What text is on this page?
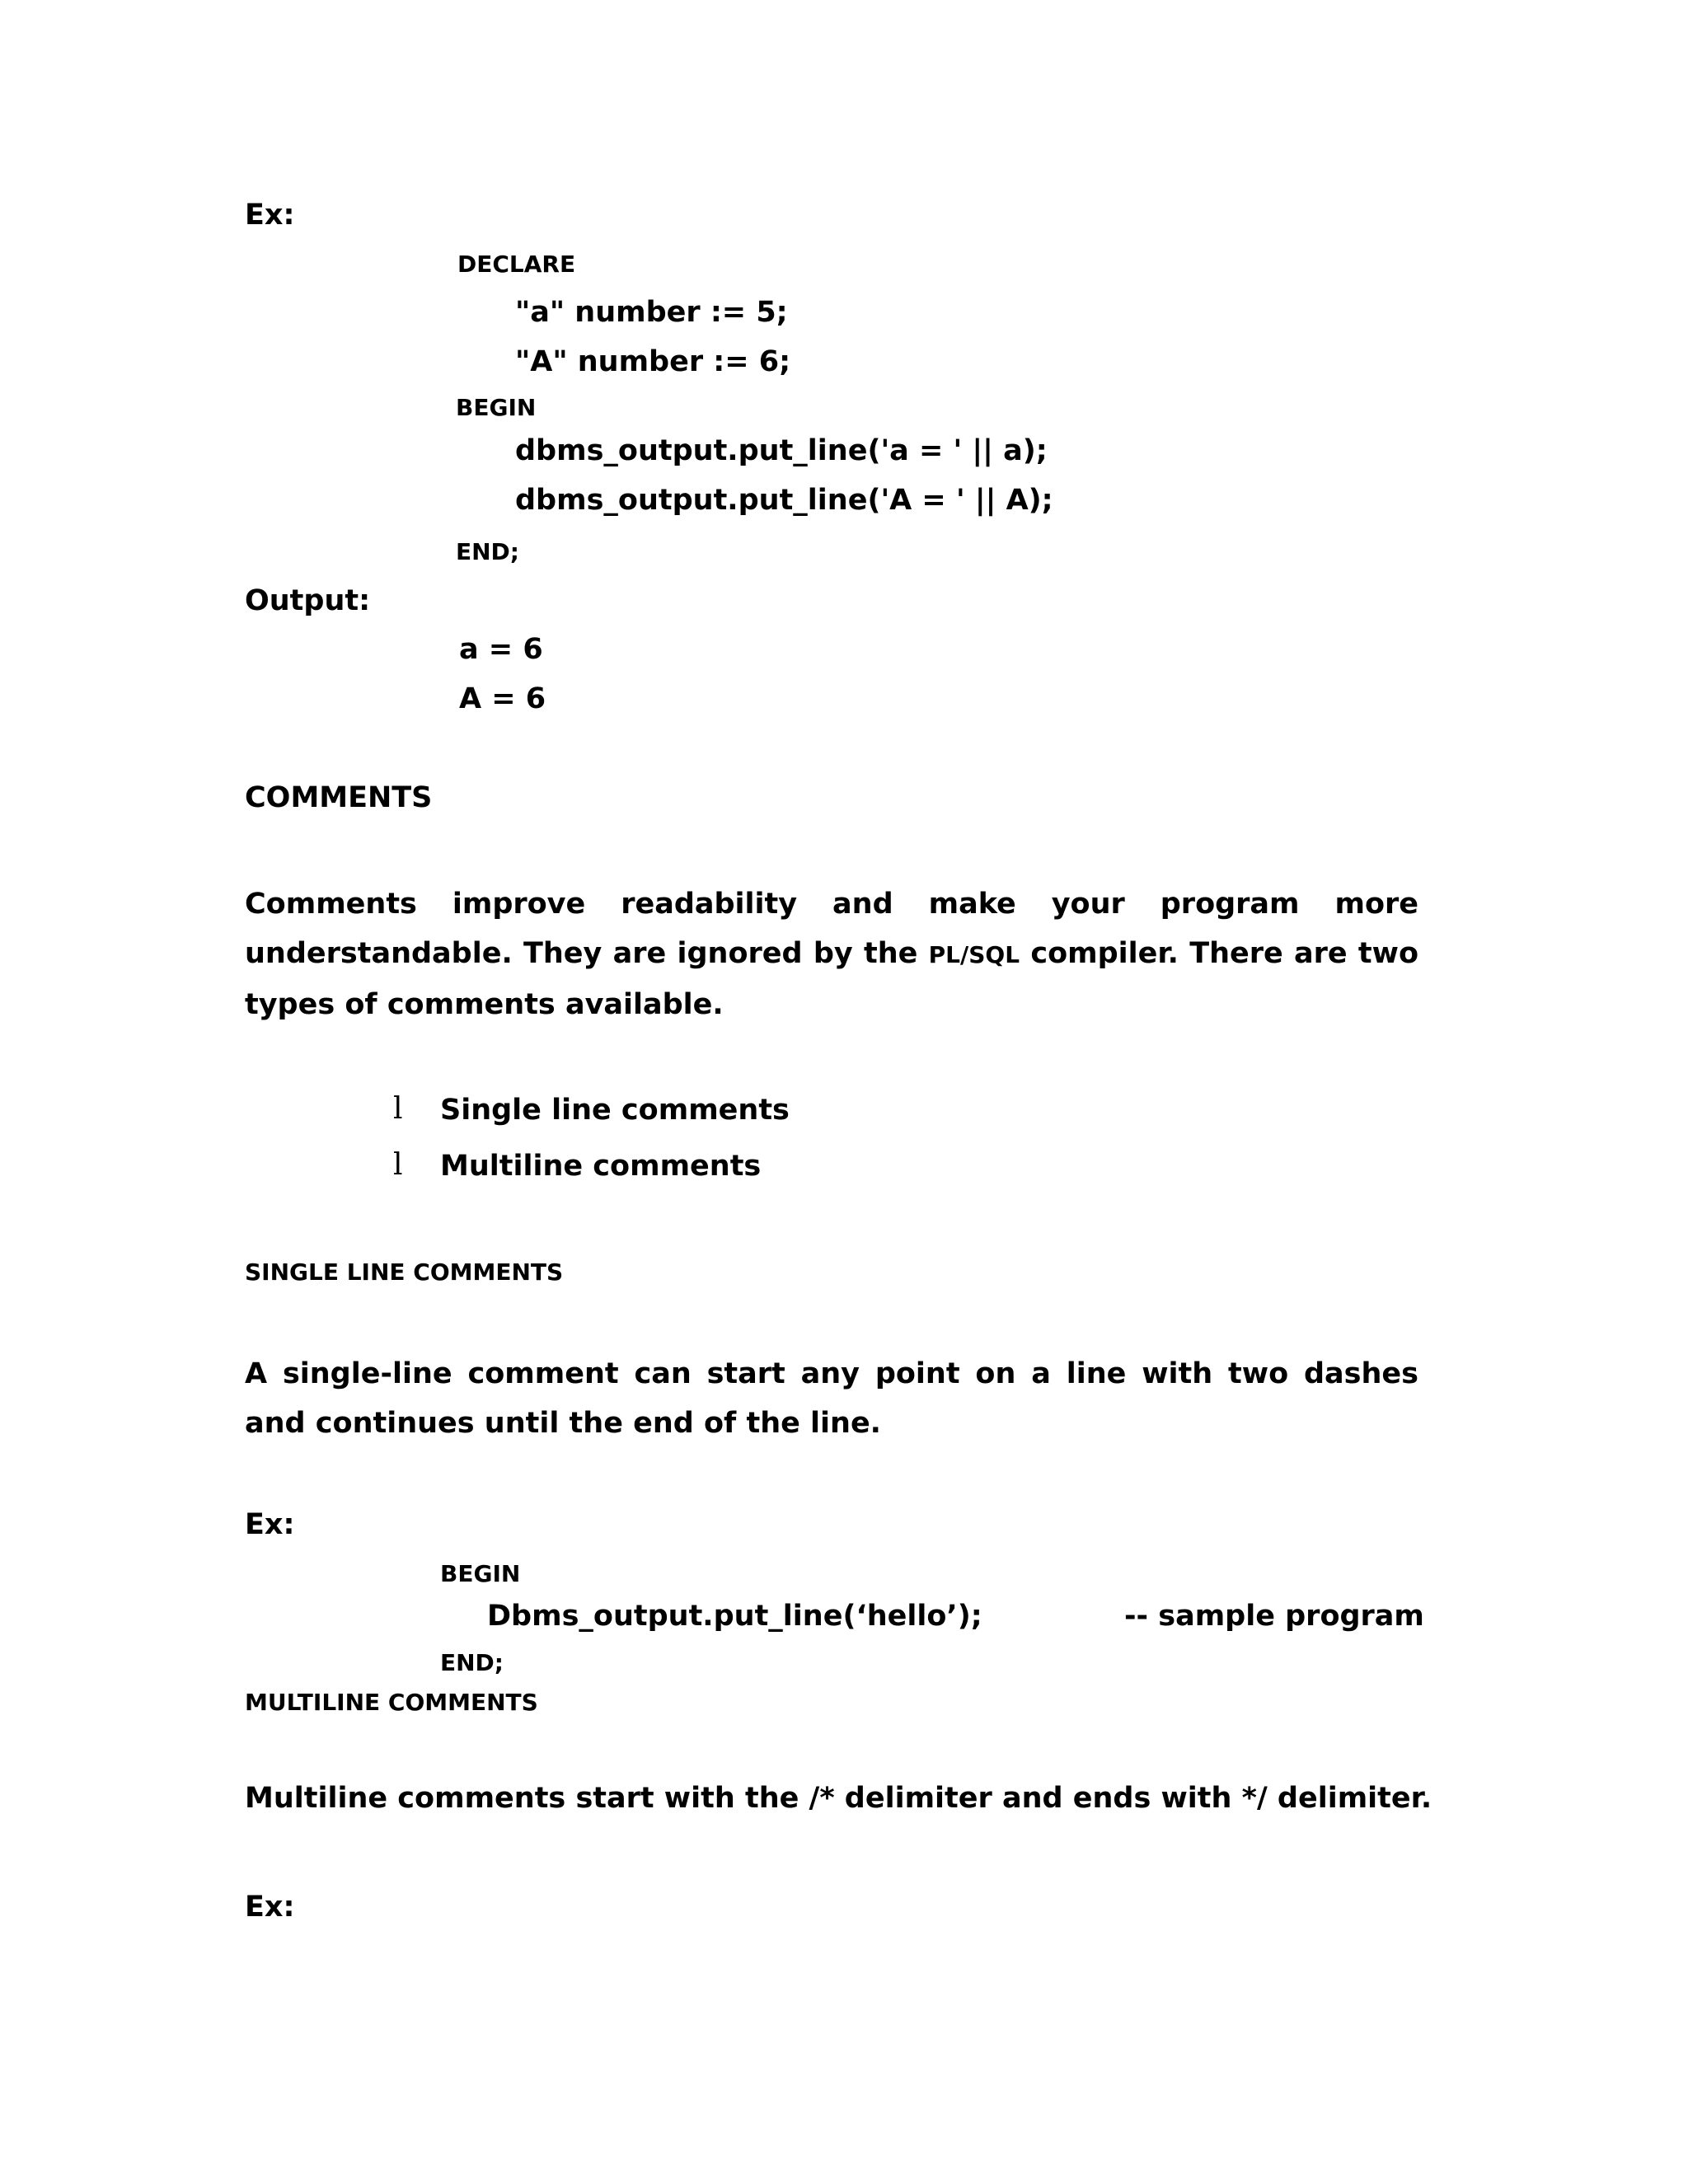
Ex:
DECLARE
"a" number := 5;
"A" number := 6;
BEGIN
dbms_output.put_line('a = ' || a);
dbms_output.put_line('A = ' || A);
END;
Output:
a = 6
A = 6
COMMENTS

Comments improve readability and make your program more understandable. They are ignored by the PL/SQL compiler. There are two types of comments available.

l Single line comments
l Multiline comments
SINGLE LINE COMMENTS

A single-line comment can start any point on a line with two dashes and continues until the end of the line.

Ex:
BEGIN
Dbms_output.put_line(‘hello’);	-- sample program
END;
MULTILINE COMMENTS
Multiline comments start with the /* delimiter and ends with */ delimiter.
Ex:
